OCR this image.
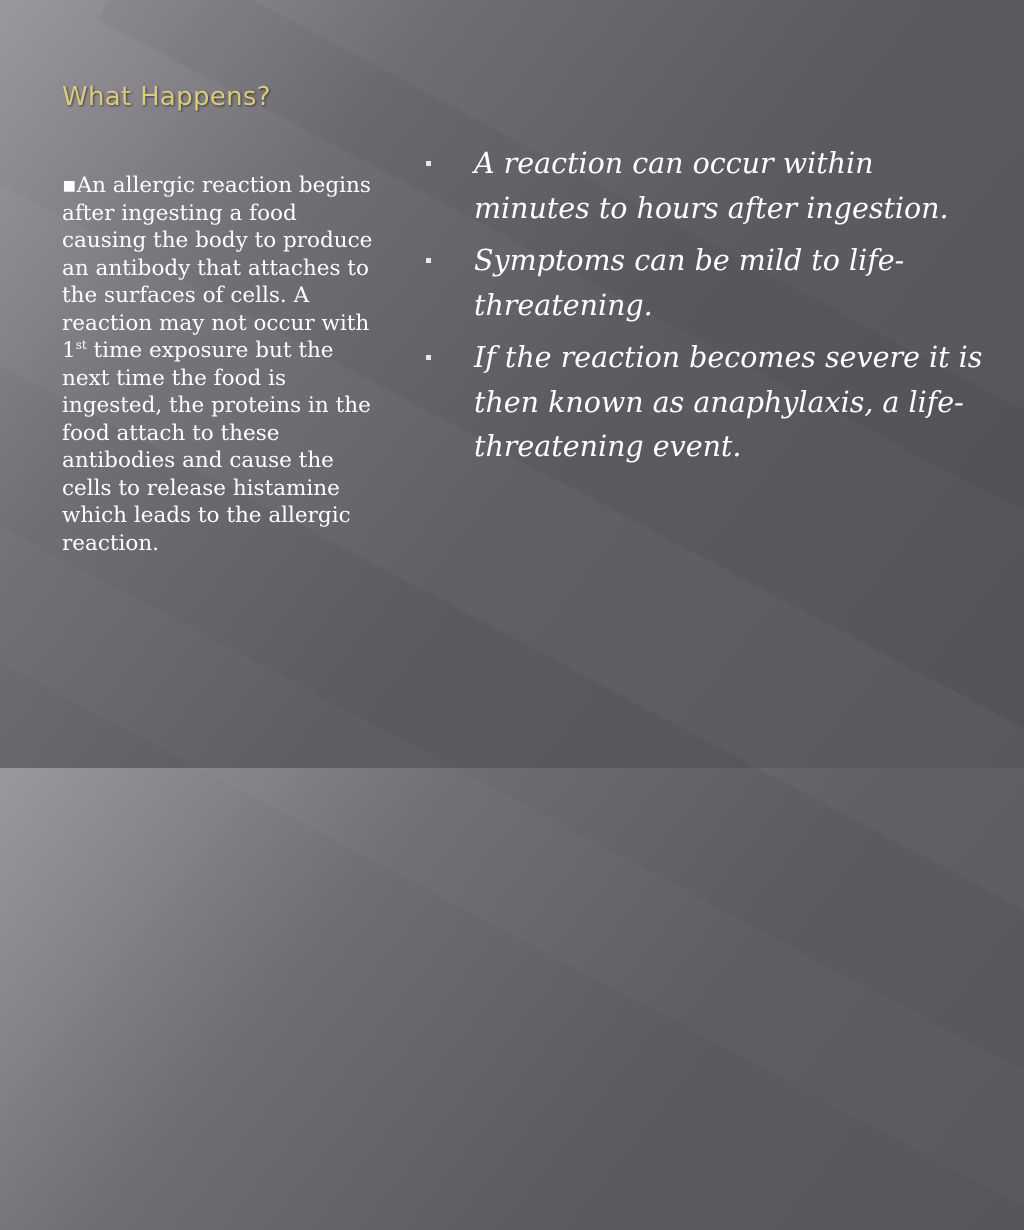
What Happens?
▪An allergic reaction begins after ingesting a food causing the body to produce an antibody that attaches to the surfaces of cells. A reaction may not occur with 1st time exposure but the next time the food is ingested, the proteins in the food attach to these antibodies and cause the cells to release histamine which leads to the allergic reaction.
A reaction can occur within minutes to hours after ingestion.
Symptoms can be mild to life-threatening.
If the reaction becomes severe it is then known as anaphylaxis, a life-threatening event.
